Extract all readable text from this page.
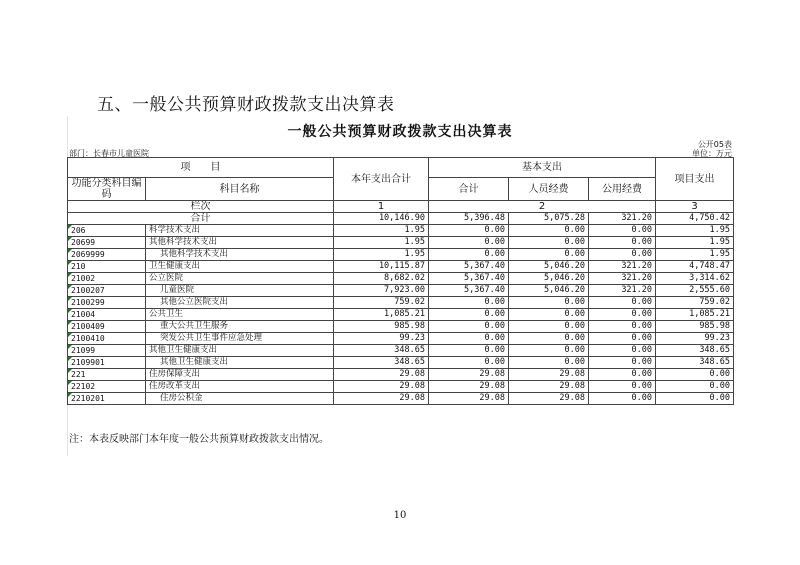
五、一般公共预算财政拨款支出决算表
一般公共预算财政拨款支出决算表
部门：长春市儿童医院
公开05表
单位：万元
项　　目		本年支出合计	基本支出			项目支出
功能分类科目编码	科目名称					
			合计	人员经费	公用经费	
栏次		1	2			3
合计		10,146.90	5,396.48	5,075.28	321.20	4,750.42
206	科学技术支出	1.95	0.00	0.00	0.00	1.95
20699	其他科学技术支出	1.95	0.00	0.00	0.00	1.95
2069999	其他科学技术支出	1.95	0.00	0.00	0.00	1.95
210	卫生健康支出	10,115.87	5,367.40	5,046.20	321.20	4,748.47
21002	公立医院	8,682.02	5,367.40	5,046.20	321.20	3,314.62
2100207	儿童医院	7,923.00	5,367.40	5,046.20	321.20	2,555.60
2100299	其他公立医院支出	759.02	0.00	0.00	0.00	759.02
21004	公共卫生	1,085.21	0.00	0.00	0.00	1,085.21
2100409	重大公共卫生服务	985.98	0.00	0.00	0.00	985.98
2100410	突发公共卫生事件应急处理	99.23	0.00	0.00	0.00	99.23
21099	其他卫生健康支出	348.65	0.00	0.00	0.00	348.65
2109901	其他卫生健康支出	348.65	0.00	0.00	0.00	348.65
221	住房保障支出	29.08	29.08	29.08	0.00	0.00
22102	住房改革支出	29.08	29.08	29.08	0.00	0.00
2210201	住房公积金	29.08	29.08	29.08	0.00	0.00
注：本表反映部门本年度一般公共预算财政拨款支出情况。
10
